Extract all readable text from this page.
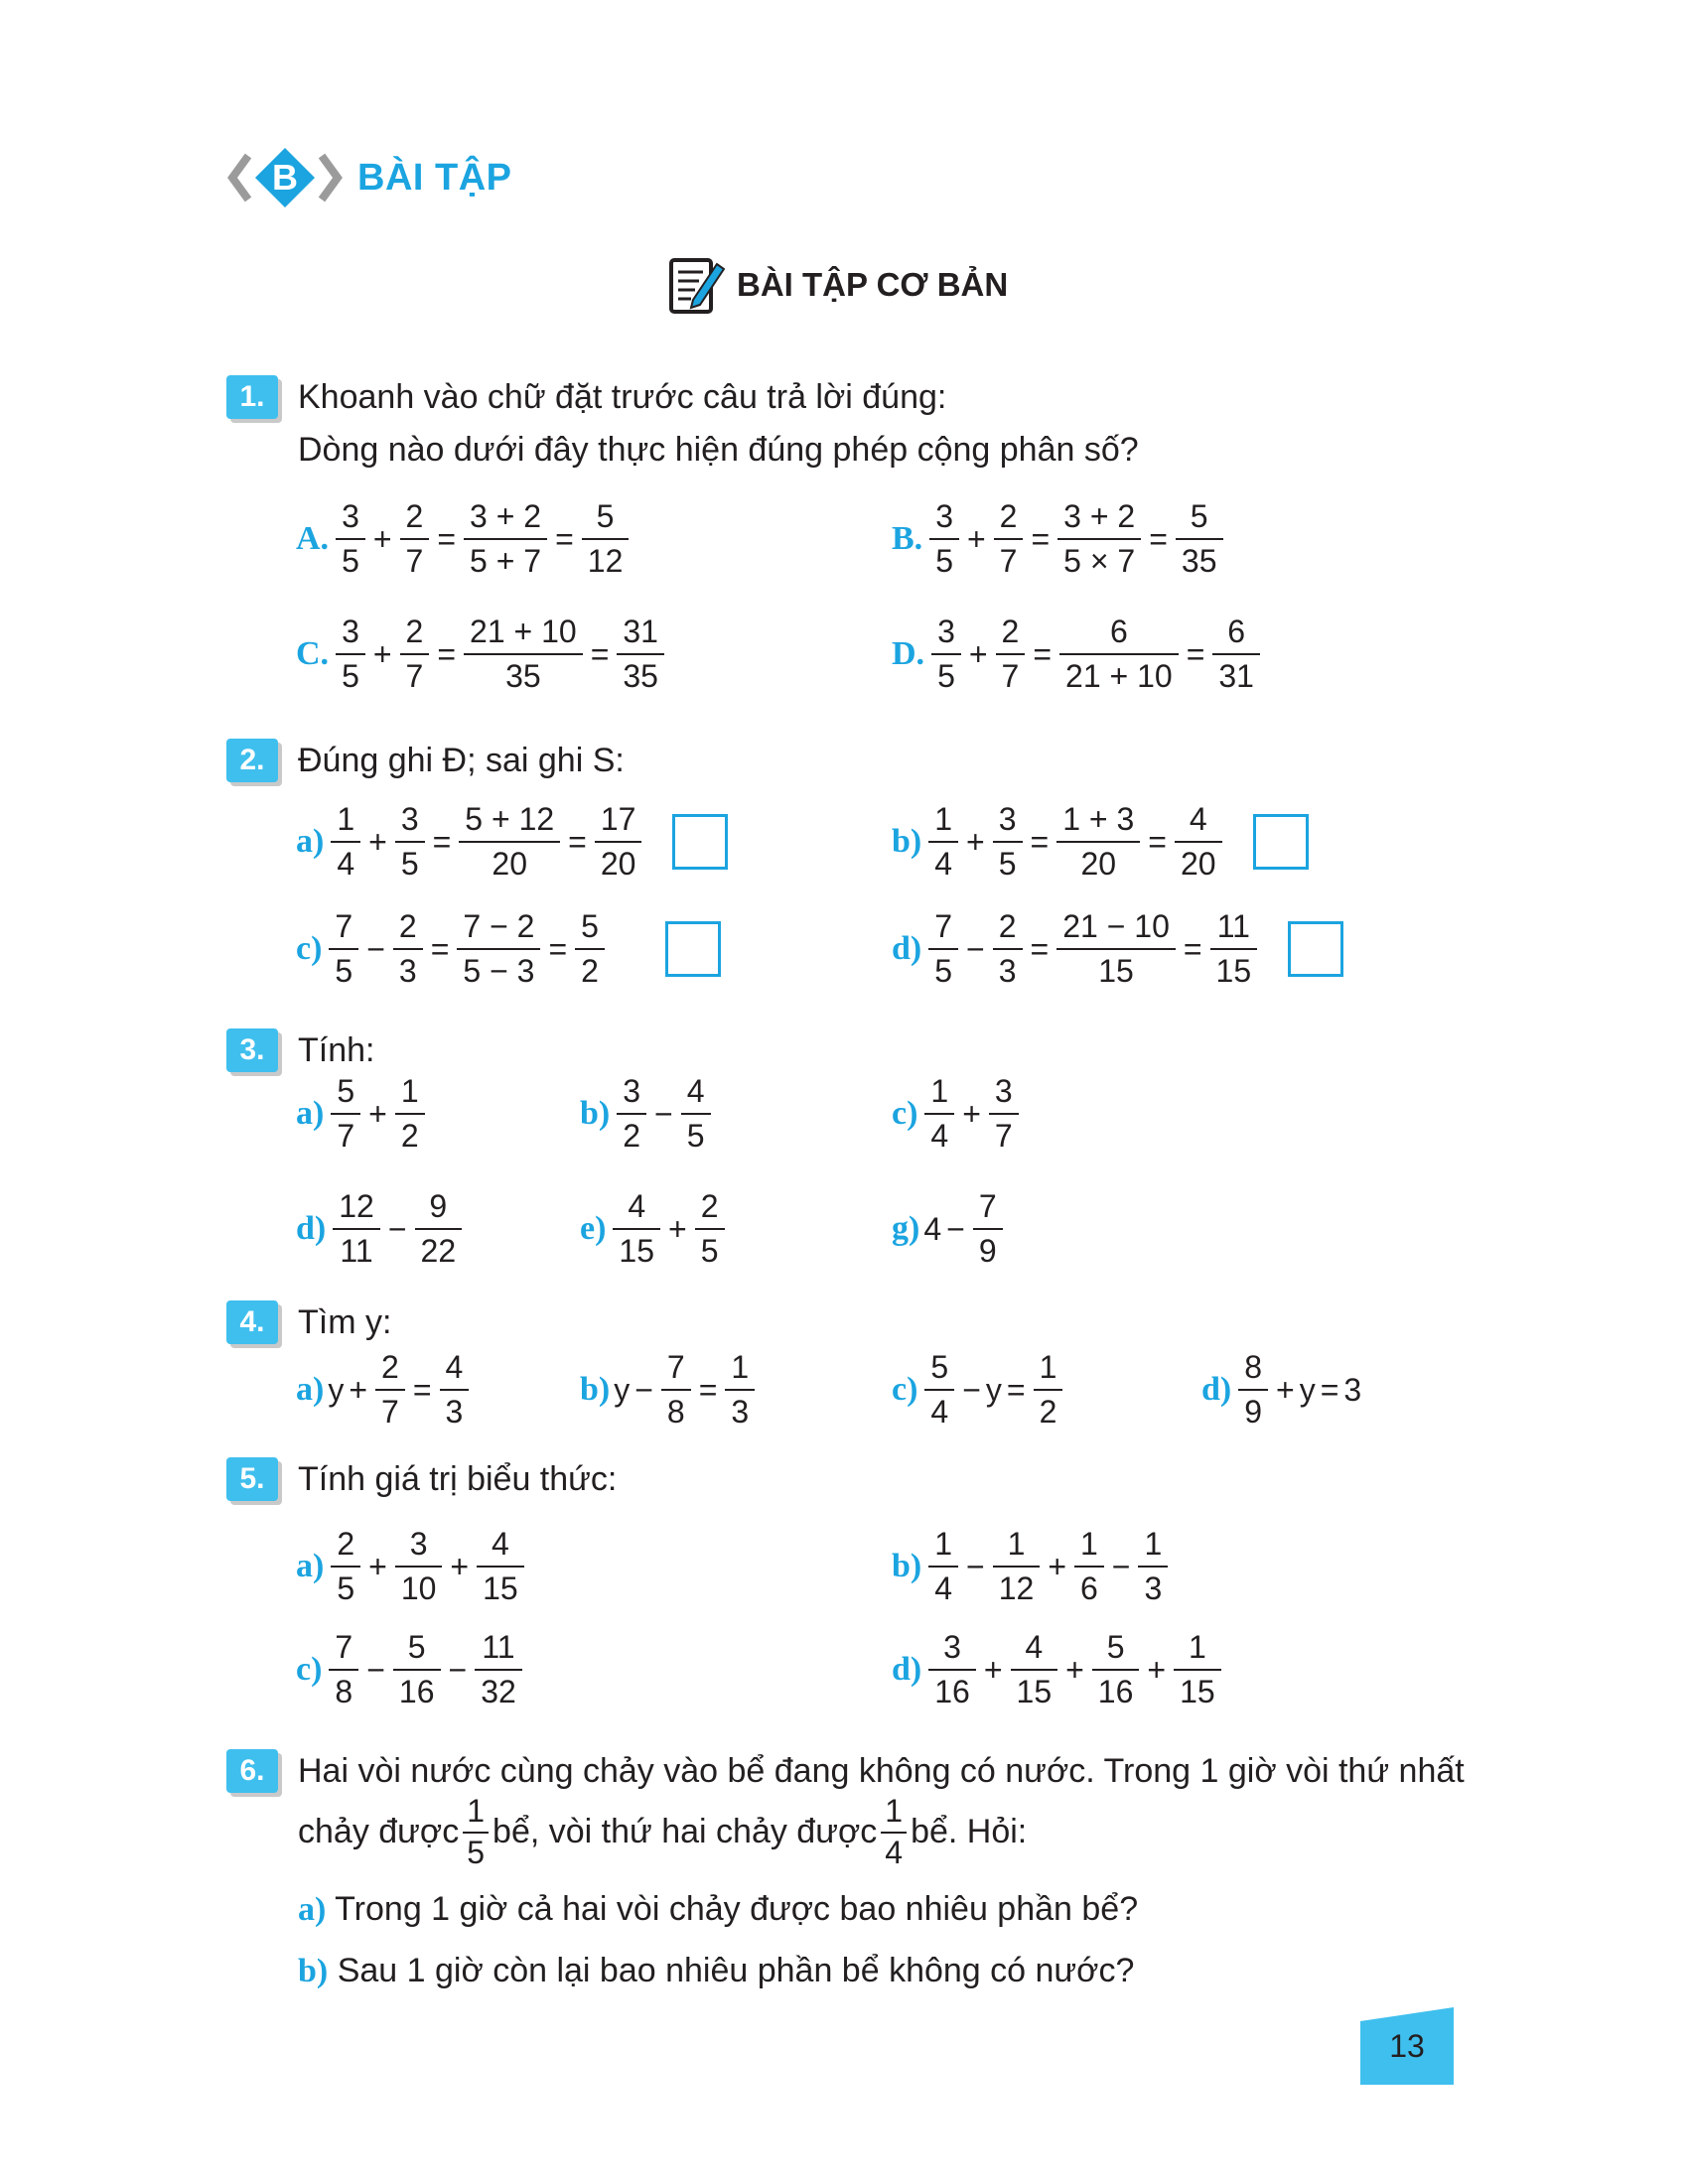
B	BÀI TẬP
BÀI TẬP CƠ BẢN
1. Khoanh vào chữ đặt trước câu trả lời đúng:
Dòng nào dưới đây thực hiện đúng phép cộng phân số?
A. $\frac{3}{5} + \frac{2}{7} = \frac{3 + 2}{5 + 7} = \frac{5}{12}$	B. $\frac{3}{5} + \frac{2}{7} = \frac{3 + 2}{5 \times 7} = \frac{5}{35}$
C. $\frac{3}{5} + \frac{2}{7} = \frac{21 + 10}{35} = \frac{31}{35}$	D. $\frac{3}{5} + \frac{2}{7} = \frac{6}{21 + 10} = \frac{6}{31}$
2. Đúng ghi Đ; sai ghi S:
$a) \frac{1}{4} + \frac{3}{5} = \frac{5 + 12}{20} = \frac{17}{20}$	$b) \frac{1}{4} + \frac{3}{5} = \frac{1 + 3}{20} = \frac{4}{20}$
$c) \frac{7}{5} - \frac{2}{3} = \frac{7 - 2}{5 - 3} = \frac{5}{2}$	$d) \frac{7}{5} - \frac{2}{3} = \frac{21 - 10}{15} = \frac{11}{15}$
3. Tính:
$a) \frac{5}{7} + \frac{1}{2}$	$b) \frac{3}{2} - \frac{4}{5}$	$c) \frac{1}{4} + \frac{3}{7}$
$d) \frac{12}{11} - \frac{9}{22}$	$e) \frac{4}{15} + \frac{2}{5}$	g) $4 - \frac{7}{9}$
4. Tìm y:
a) $y + \frac{2}{7} = \frac{4}{3}$	b) $y - \frac{7}{8} = \frac{1}{3}$	$c) \frac{5}{4} - y = \frac{1}{2}$	$d) \frac{8}{9} + y = 3$
5. Tính giá trị biểu thức:
$a) \frac{2}{5} + \frac{3}{10} + \frac{4}{15}$	$b) \frac{1}{4} - \frac{1}{12} + \frac{1}{6} - \frac{1}{3}$
$c) \frac{7}{8} - \frac{5}{16} - \frac{11}{32}$	$d) \frac{3}{16} + \frac{4}{15} + \frac{5}{16} + \frac{1}{15}$
6. Hai vòi nước cùng chảy vào bể đang không có nước. Trong 1 giờ vòi thứ nhất
chảy được $\frac{1}{5}$ bể, vòi thứ hai chảy được $\frac{1}{4}$ bể. Hỏi:
a) Trong 1 giờ cả hai vòi chảy được bao nhiêu phần bể?
b) Sau 1 giờ còn lại bao nhiêu phần bể không có nước?
13
